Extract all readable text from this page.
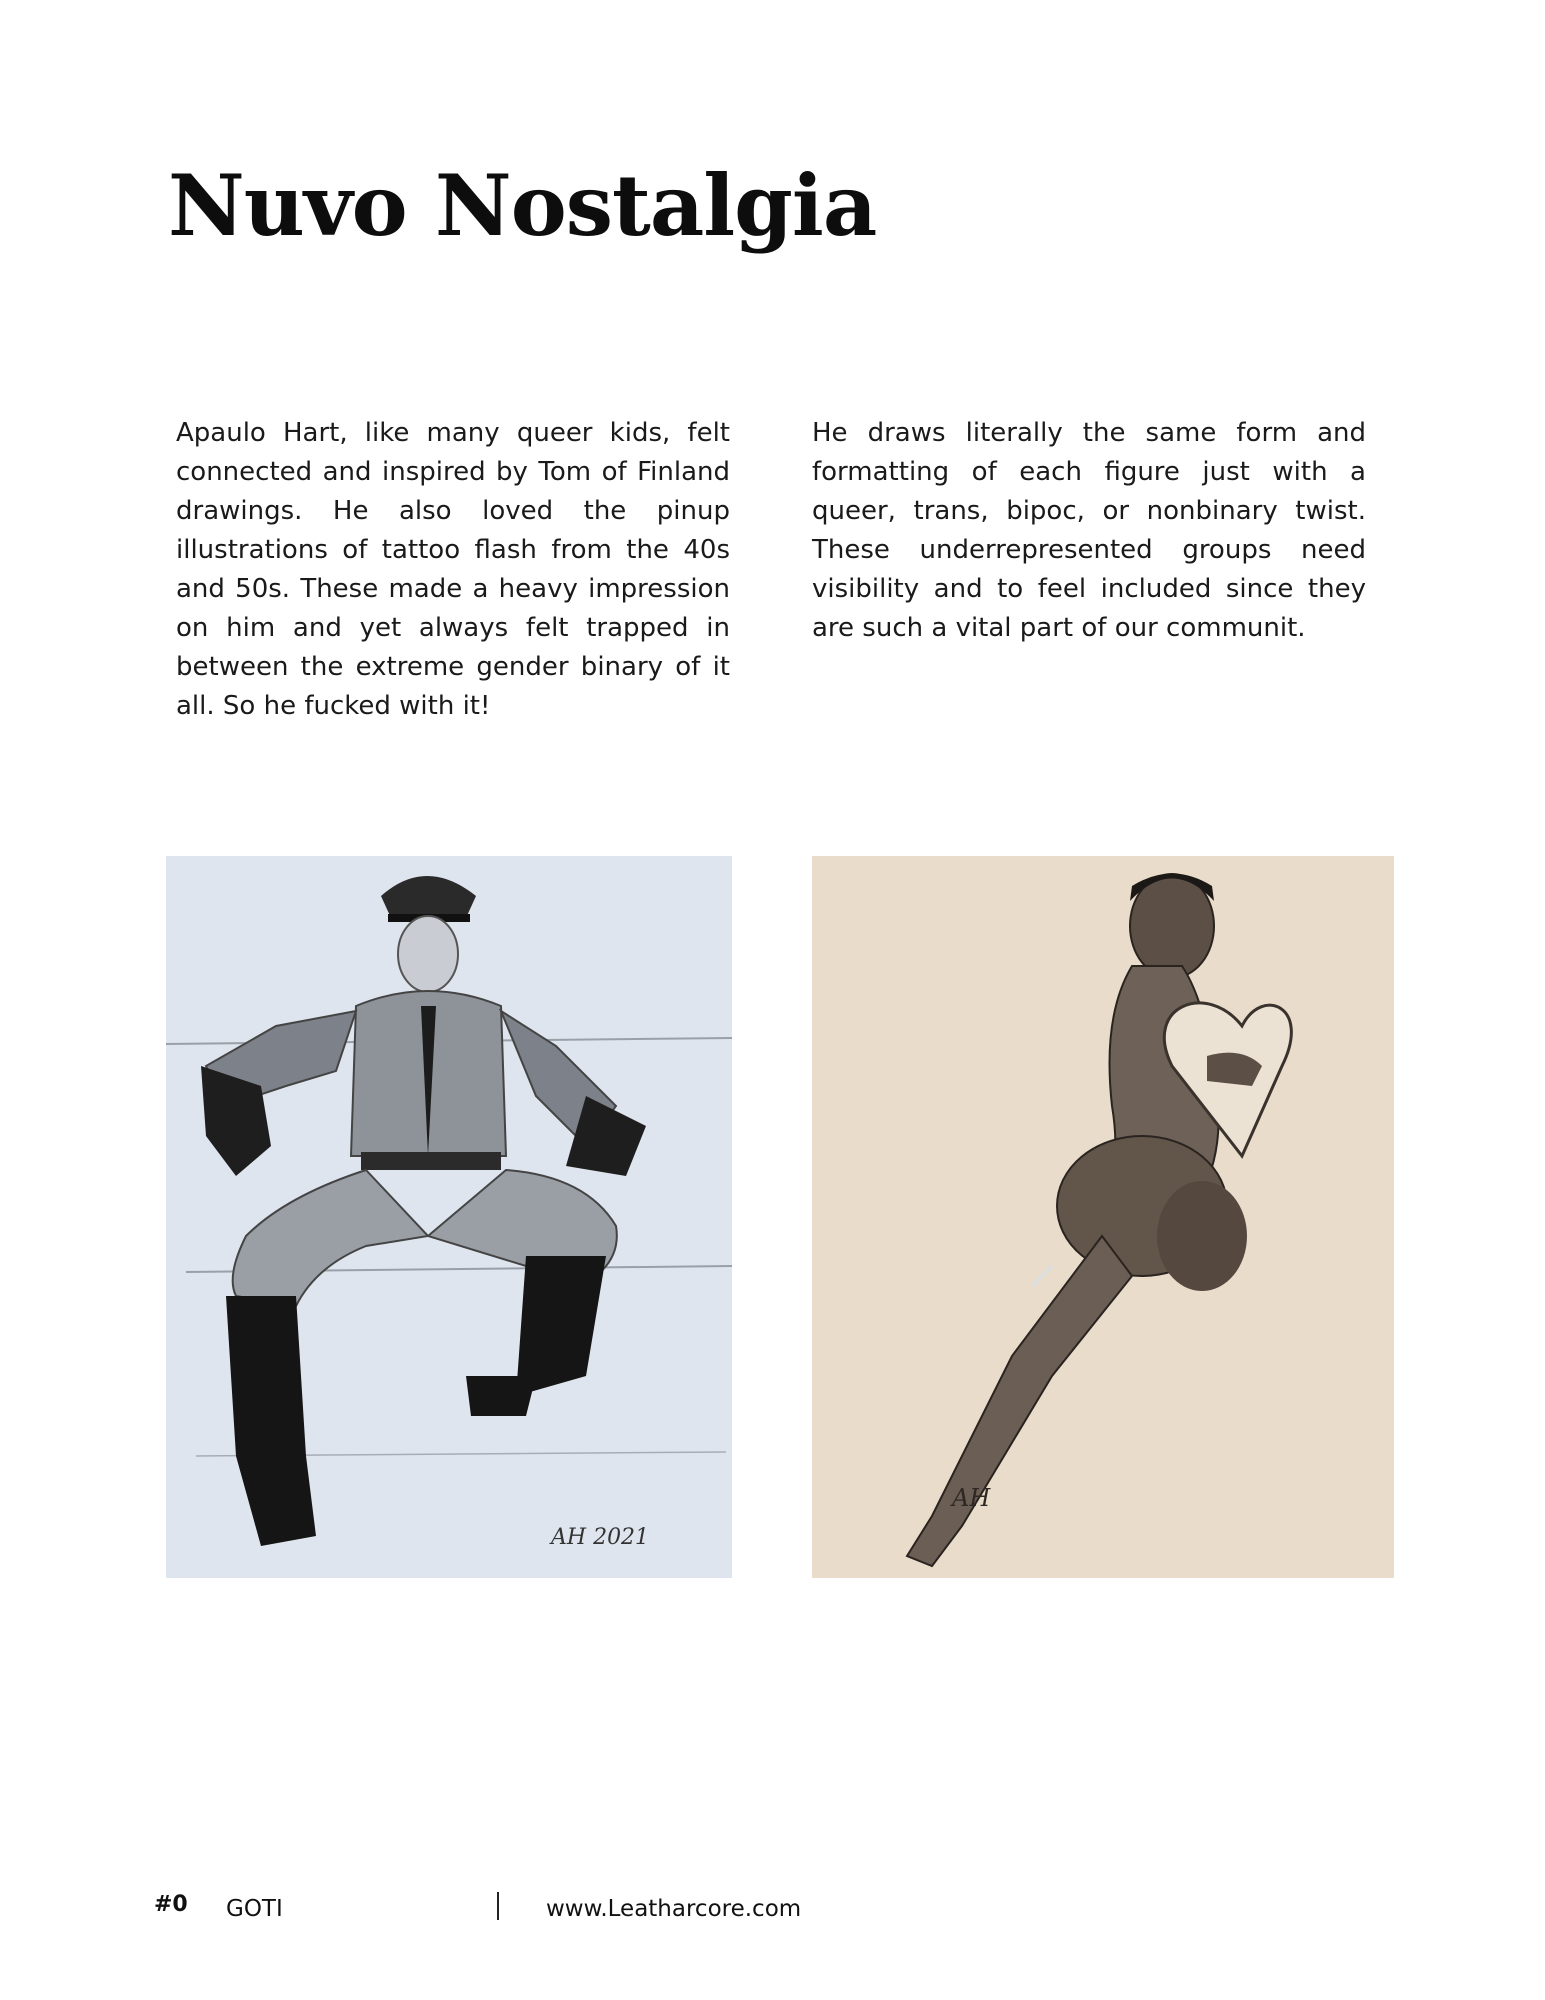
Nuvo Nostalgia

Apaulo Hart, like many queer kids, felt connected and inspired by Tom of Finland drawings. He also loved the pinup illustrations of tattoo flash from the 40s and 50s. These made a heavy impression on him and yet always felt trapped in between the extreme gender binary of it all. So he fucked with it!

He draws literally the same form and formatting of each figure just with a queer, trans, bipoc, or nonbinary twist. These underrepresented groups need visibility and to feel included since they are such a vital part of our communit.

AH 2021
AH
#0 GOTI	www.Leatharcore.com
